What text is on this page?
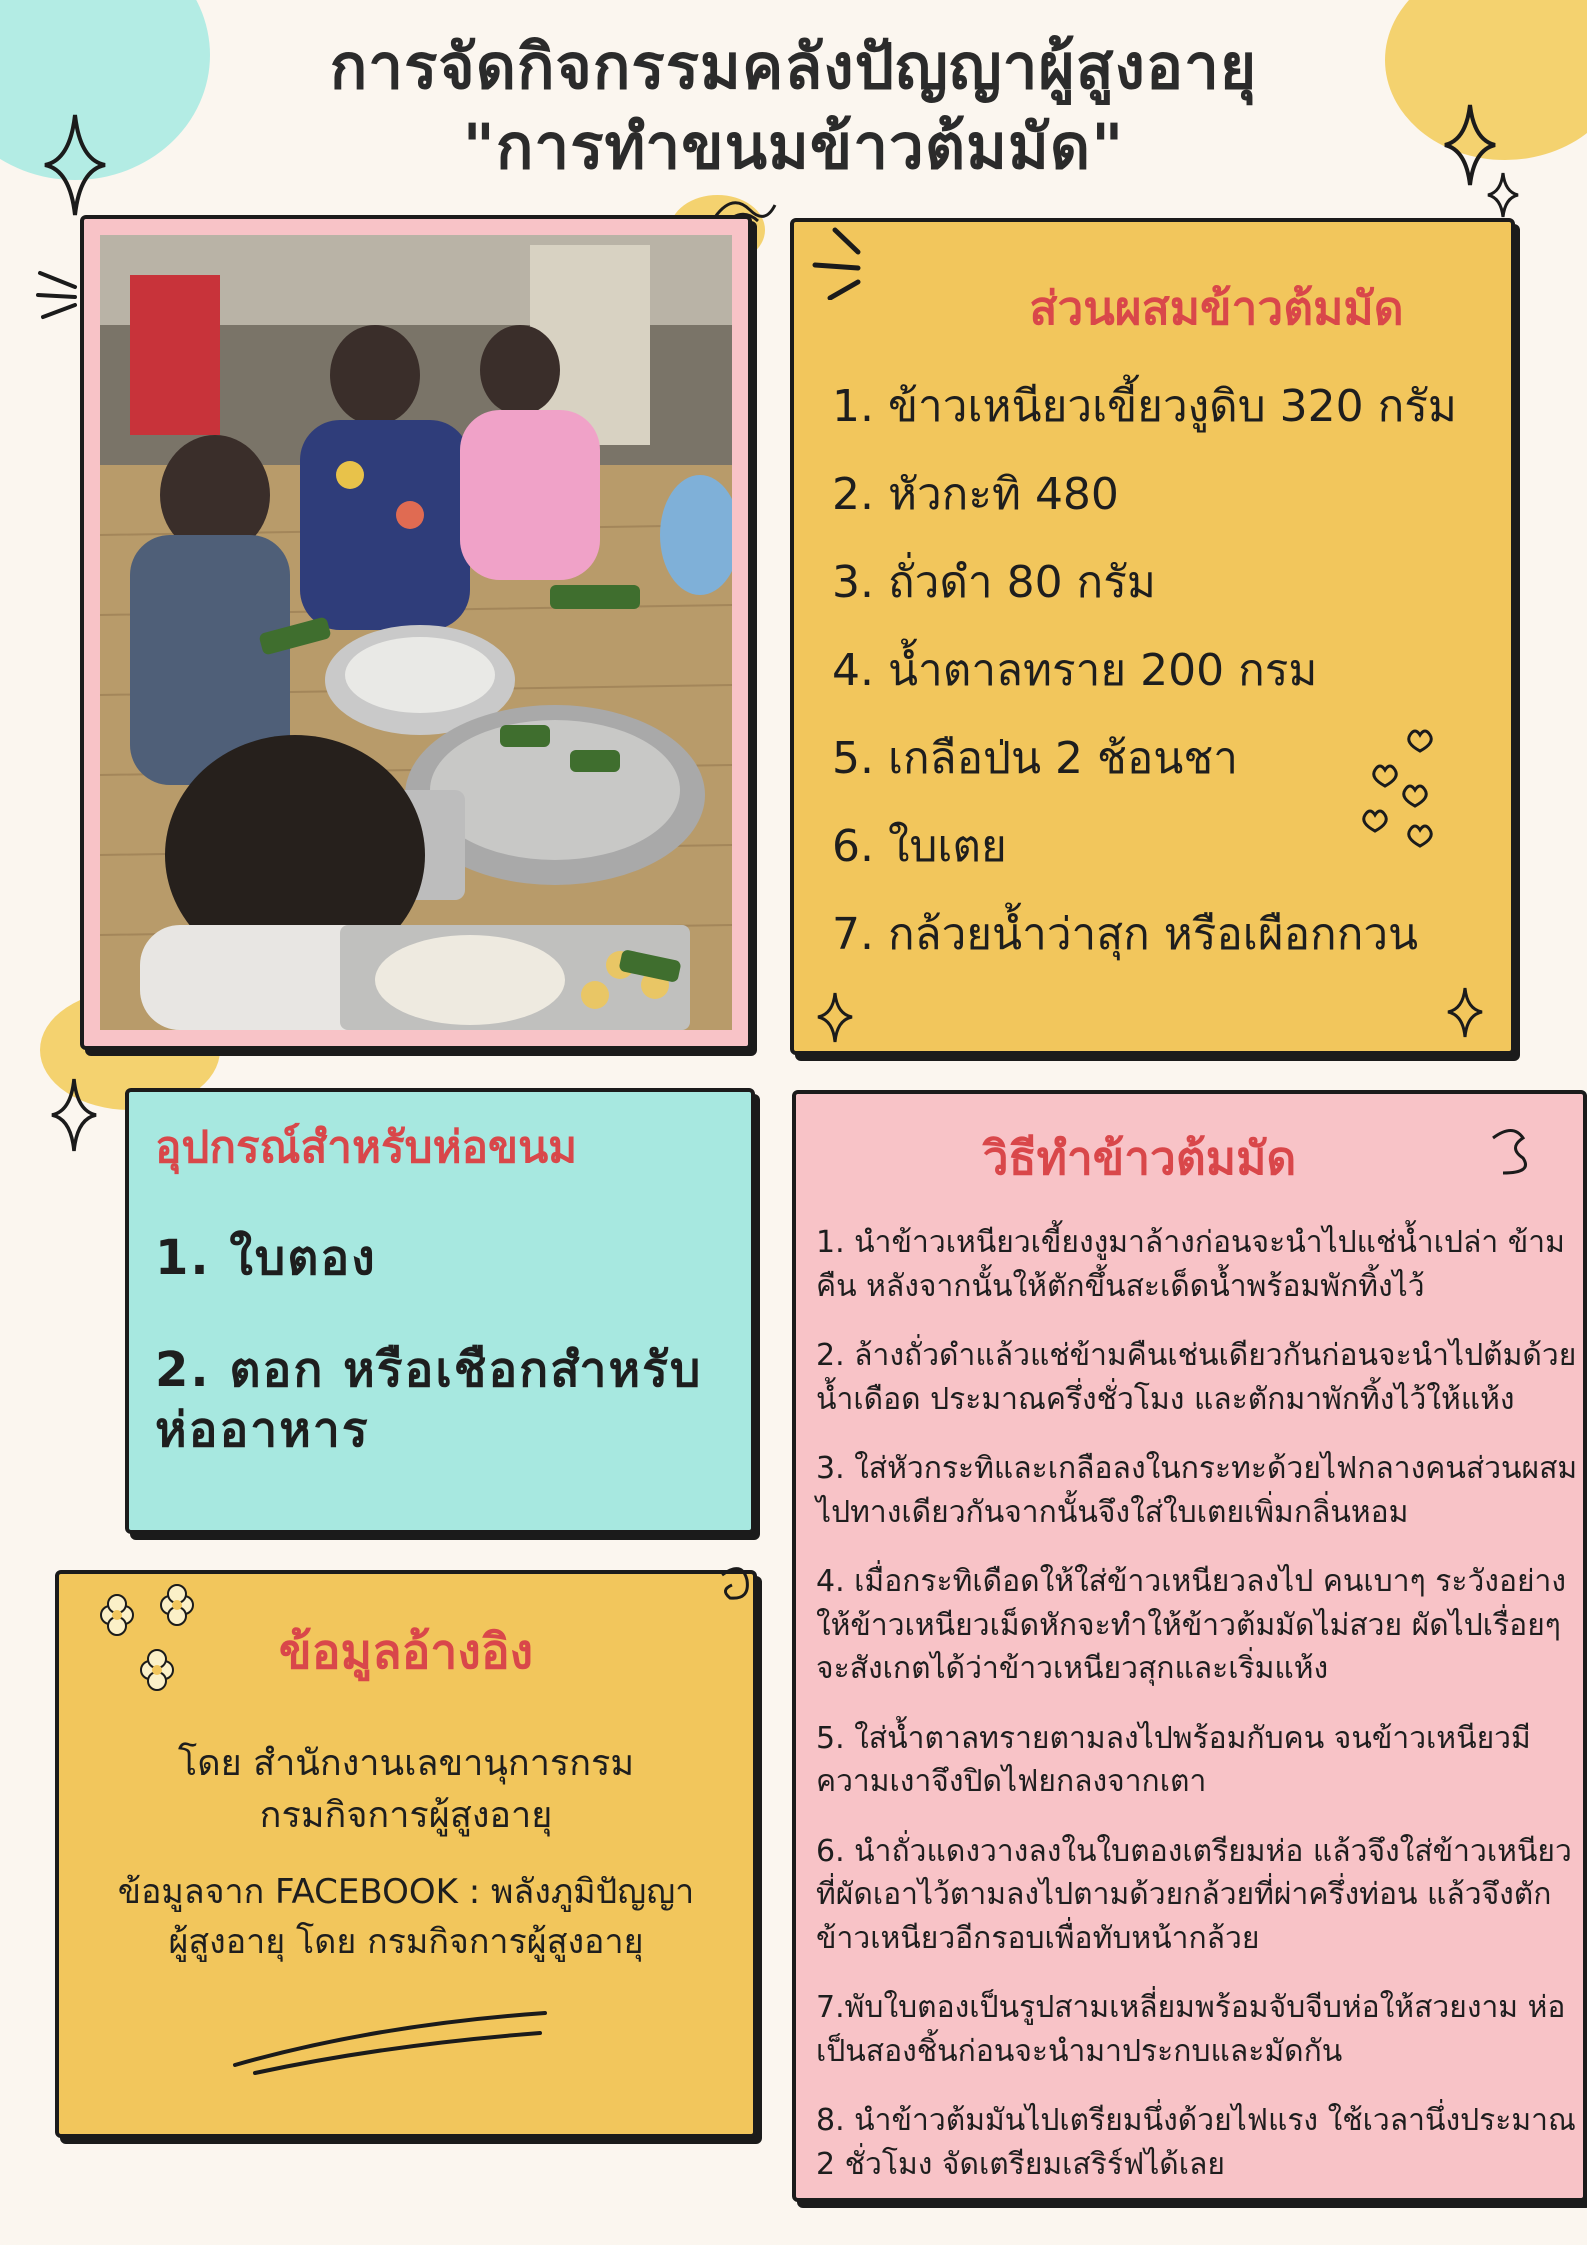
การจัดกิจกรรมคลังปัญญาผู้สูงอายุ
"การทำขนมข้าวต้มมัด"
ส่วนผสมข้าวต้มมัด
1. ข้าวเหนียวเขี้ยวงูดิบ 320 กรัม
2. หัวกะทิ 480
3. ถั่วดำ 80 กรัม
4. น้ำตาลทราย 200 กรม
5. เกลือป่น 2 ช้อนชา
6. ใบเตย
7. กล้วยน้ำว่าสุก หรือเผือกกวน
อุปกรณ์สำหรับห่อขนม
1. ใบตอง
2. ตอก หรือเชือกสำหรับห่ออาหาร
วิธีทำข้าวต้มมัด

1. นำข้าวเหนียวเขี้ยงงูมาล้างก่อนจะนำไปแช่น้ำเปล่า ข้ามคืน หลังจากนั้นให้ตักขึ้นสะเด็ดน้ำพร้อมพักทิ้งไว้

2. ล้างถั่วดำแล้วแช่ข้ามคืนเช่นเดียวกันก่อนจะนำไปต้มด้วยน้ำเดือด ประมาณครึ่งชั่วโมง และตักมาพักทิ้งไว้ให้แห้ง

3. ใส่หัวกระทิและเกลือลงในกระทะด้วยไฟกลางคนส่วนผสมไปทางเดียวกันจากนั้นจึงใส่ใบเตยเพิ่มกลิ่นหอม

4. เมื่อกระทิเดือดให้ใส่ข้าวเหนียวลงไป คนเบาๆ ระวังอย่างให้ข้าวเหนียวเม็ดหักจะทำให้ข้าวต้มมัดไม่สวย ผัดไปเรื่อยๆ จะสังเกตได้ว่าข้าวเหนียวสุกและเริ่มแห้ง

5. ใส่น้ำตาลทรายตามลงไปพร้อมกับคน จนข้าวเหนียวมีความเงาจึงปิดไฟยกลงจากเตา

6. นำถั่วแดงวางลงในใบตองเตรียมห่อ แล้วจึงใส่ข้าวเหนียวที่ผัดเอาไว้ตามลงไปตามด้วยกล้วยที่ผ่าครึ่งท่อน แล้วจึงตักข้าวเหนียวอีกรอบเพื่อทับหน้ากล้วย

7.พับใบตองเป็นรูปสามเหลี่ยมพร้อมจับจีบห่อให้สวยงาม ห่อเป็นสองชิ้นก่อนจะนำมาประกบและมัดกัน

8. นำข้าวต้มมันไปเตรียมนึ่งด้วยไฟแรง ใช้เวลานึ่งประมาณ 2 ชั่วโมง จัดเตรียมเสริร์ฟได้เลย

ข้อมูลอ้างอิง
โดย สำนักงานเลขานุการกรม
กรมกิจการผู้สูงอายุ
ข้อมูลจาก FACEBOOK : พลังภูมิปัญญา
ผู้สูงอายุ โดย กรมกิจการผู้สูงอายุ
